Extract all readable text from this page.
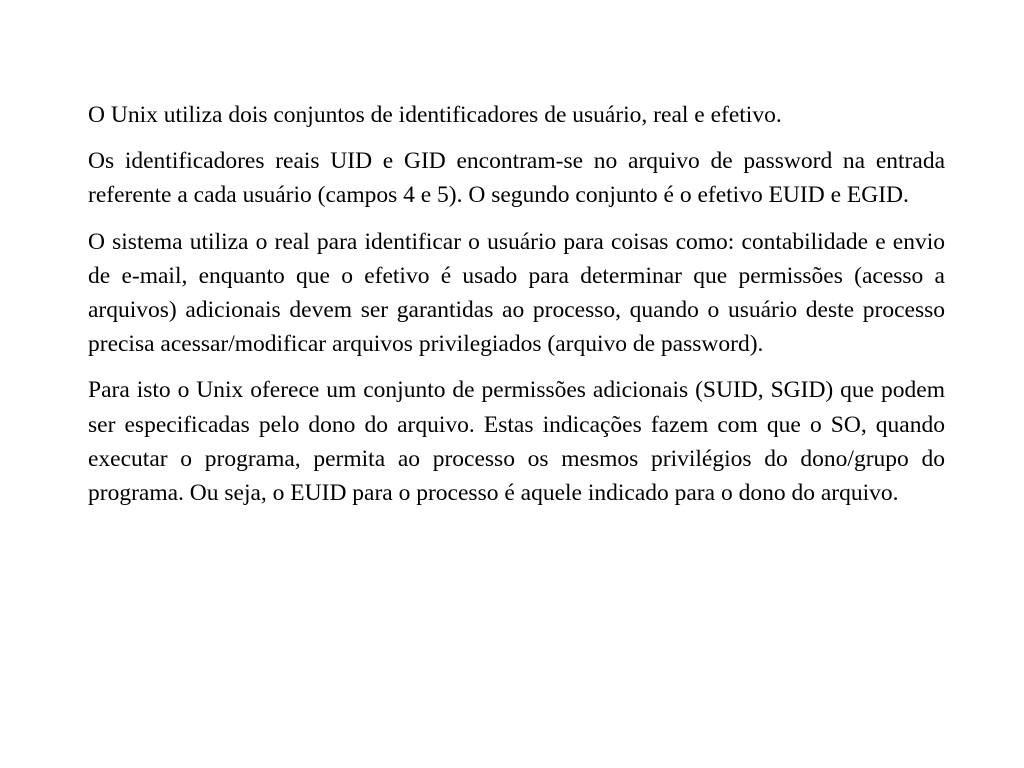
O Unix utiliza dois conjuntos de identificadores de usuário, real e efetivo.

Os identificadores reais UID e GID encontram-se no arquivo de password na entrada referente a cada usuário (campos 4 e 5). O segundo conjunto é o efetivo EUID e EGID.

O sistema utiliza o real para identificar o usuário para coisas como: contabilidade e envio de e-mail, enquanto que o efetivo é usado para determinar que permissões (acesso a arquivos) adicionais devem ser garantidas ao processo, quando o usuário deste processo precisa acessar/modificar arquivos privilegiados (arquivo de password).

Para isto o Unix oferece um conjunto de permissões adicionais (SUID, SGID) que podem ser especificadas pelo dono do arquivo. Estas indicações fazem com que o SO, quando executar o programa, permita ao processo os mesmos privilégios do dono/grupo do programa. Ou seja, o EUID para o processo é aquele indicado para o dono do arquivo.
